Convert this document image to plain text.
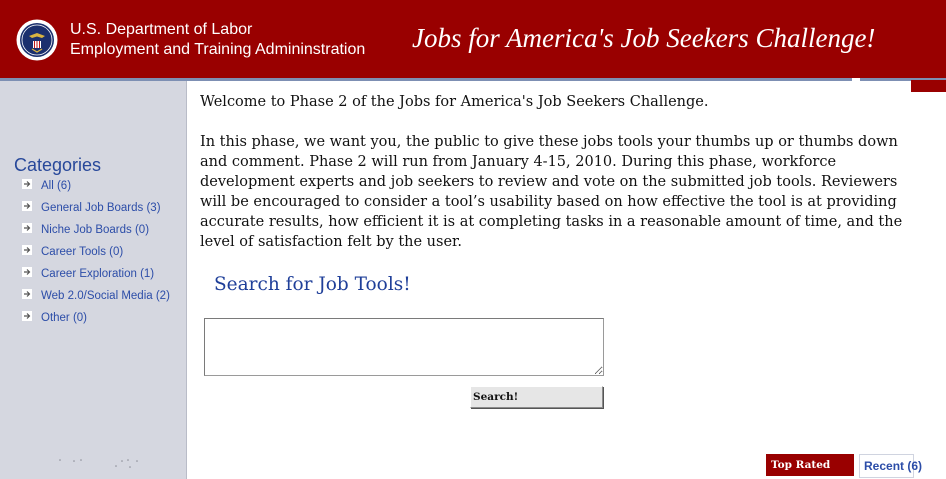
U.S. Department of Labor
Employment and Training Admininstration Jobs for America's Job Seekers Challenge!
Categories
All (6)
General Job Boards (3)
Niche Job Boards (0)
Career Tools (0)
Career Exploration (1)
Web 2.0/Social Media (2)
Other (0)

Welcome to Phase 2 of the Jobs for America's Job Seekers Challenge.

In this phase, we want you, the public to give these jobs tools your thumbs up or thumbs down and comment. Phase 2 will run from January 4-15, 2010. During this phase, workforce development experts and job seekers to review and vote on the submitted job tools. Reviewers will be encouraged to consider a tool’s usability based on how effective the tool is at providing accurate results, how efficient it is at completing tasks in a reasonable amount of time, and the level of satisfaction felt by the user.

Search for Job Tools!
Search!
Top Rated	Recent (6)
